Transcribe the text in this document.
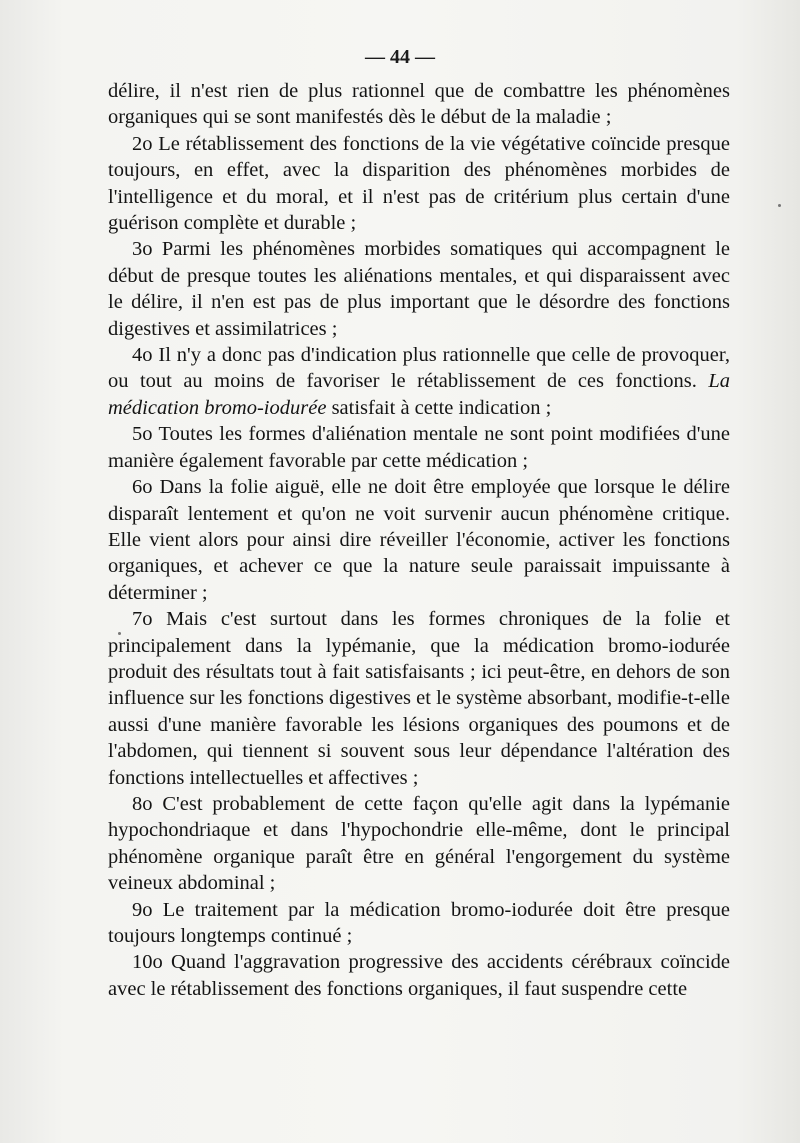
— 44 —

délire, il n'est rien de plus rationnel que de combattre les phénomènes organiques qui se sont manifestés dès le début de la maladie ;

2o Le rétablissement des fonctions de la vie végétative coïncide presque toujours, en effet, avec la disparition des phénomènes morbides de l'intelligence et du moral, et il n'est pas de critérium plus certain d'une guérison complète et durable ;

3o Parmi les phénomènes morbides somatiques qui accompagnent le début de presque toutes les aliénations mentales, et qui disparaissent avec le délire, il n'en est pas de plus important que le désordre des fonctions digestives et assimilatrices ;

4o Il n'y a donc pas d'indication plus rationnelle que celle de provoquer, ou tout au moins de favoriser le rétablissement de ces fonctions. La médication bromo-iodurée satisfait à cette indication ;

5o Toutes les formes d'aliénation mentale ne sont point modifiées d'une manière également favorable par cette médication ;

6o Dans la folie aiguë, elle ne doit être employée que lorsque le délire disparaît lentement et qu'on ne voit survenir aucun phénomène critique. Elle vient alors pour ainsi dire réveiller l'économie, activer les fonctions organiques, et achever ce que la nature seule paraissait impuissante à déterminer ;

7o Mais c'est surtout dans les formes chroniques de la folie et principalement dans la lypémanie, que la médication bromo-iodurée produit des résultats tout à fait satisfaisants ; ici peut-être, en dehors de son influence sur les fonctions digestives et le système absorbant, modifie-t-elle aussi d'une manière favorable les lésions organiques des poumons et de l'abdomen, qui tiennent si souvent sous leur dépendance l'altération des fonctions intellectuelles et affectives ;

8o C'est probablement de cette façon qu'elle agit dans la lypémanie hypochondriaque et dans l'hypochondrie elle-même, dont le principal phénomène organique paraît être en général l'engorgement du système veineux abdominal ;

9o Le traitement par la médication bromo-iodurée doit être presque toujours longtemps continué ;

10o Quand l'aggravation progressive des accidents cérébraux coïncide avec le rétablissement des fonctions organiques, il faut suspendre cette
